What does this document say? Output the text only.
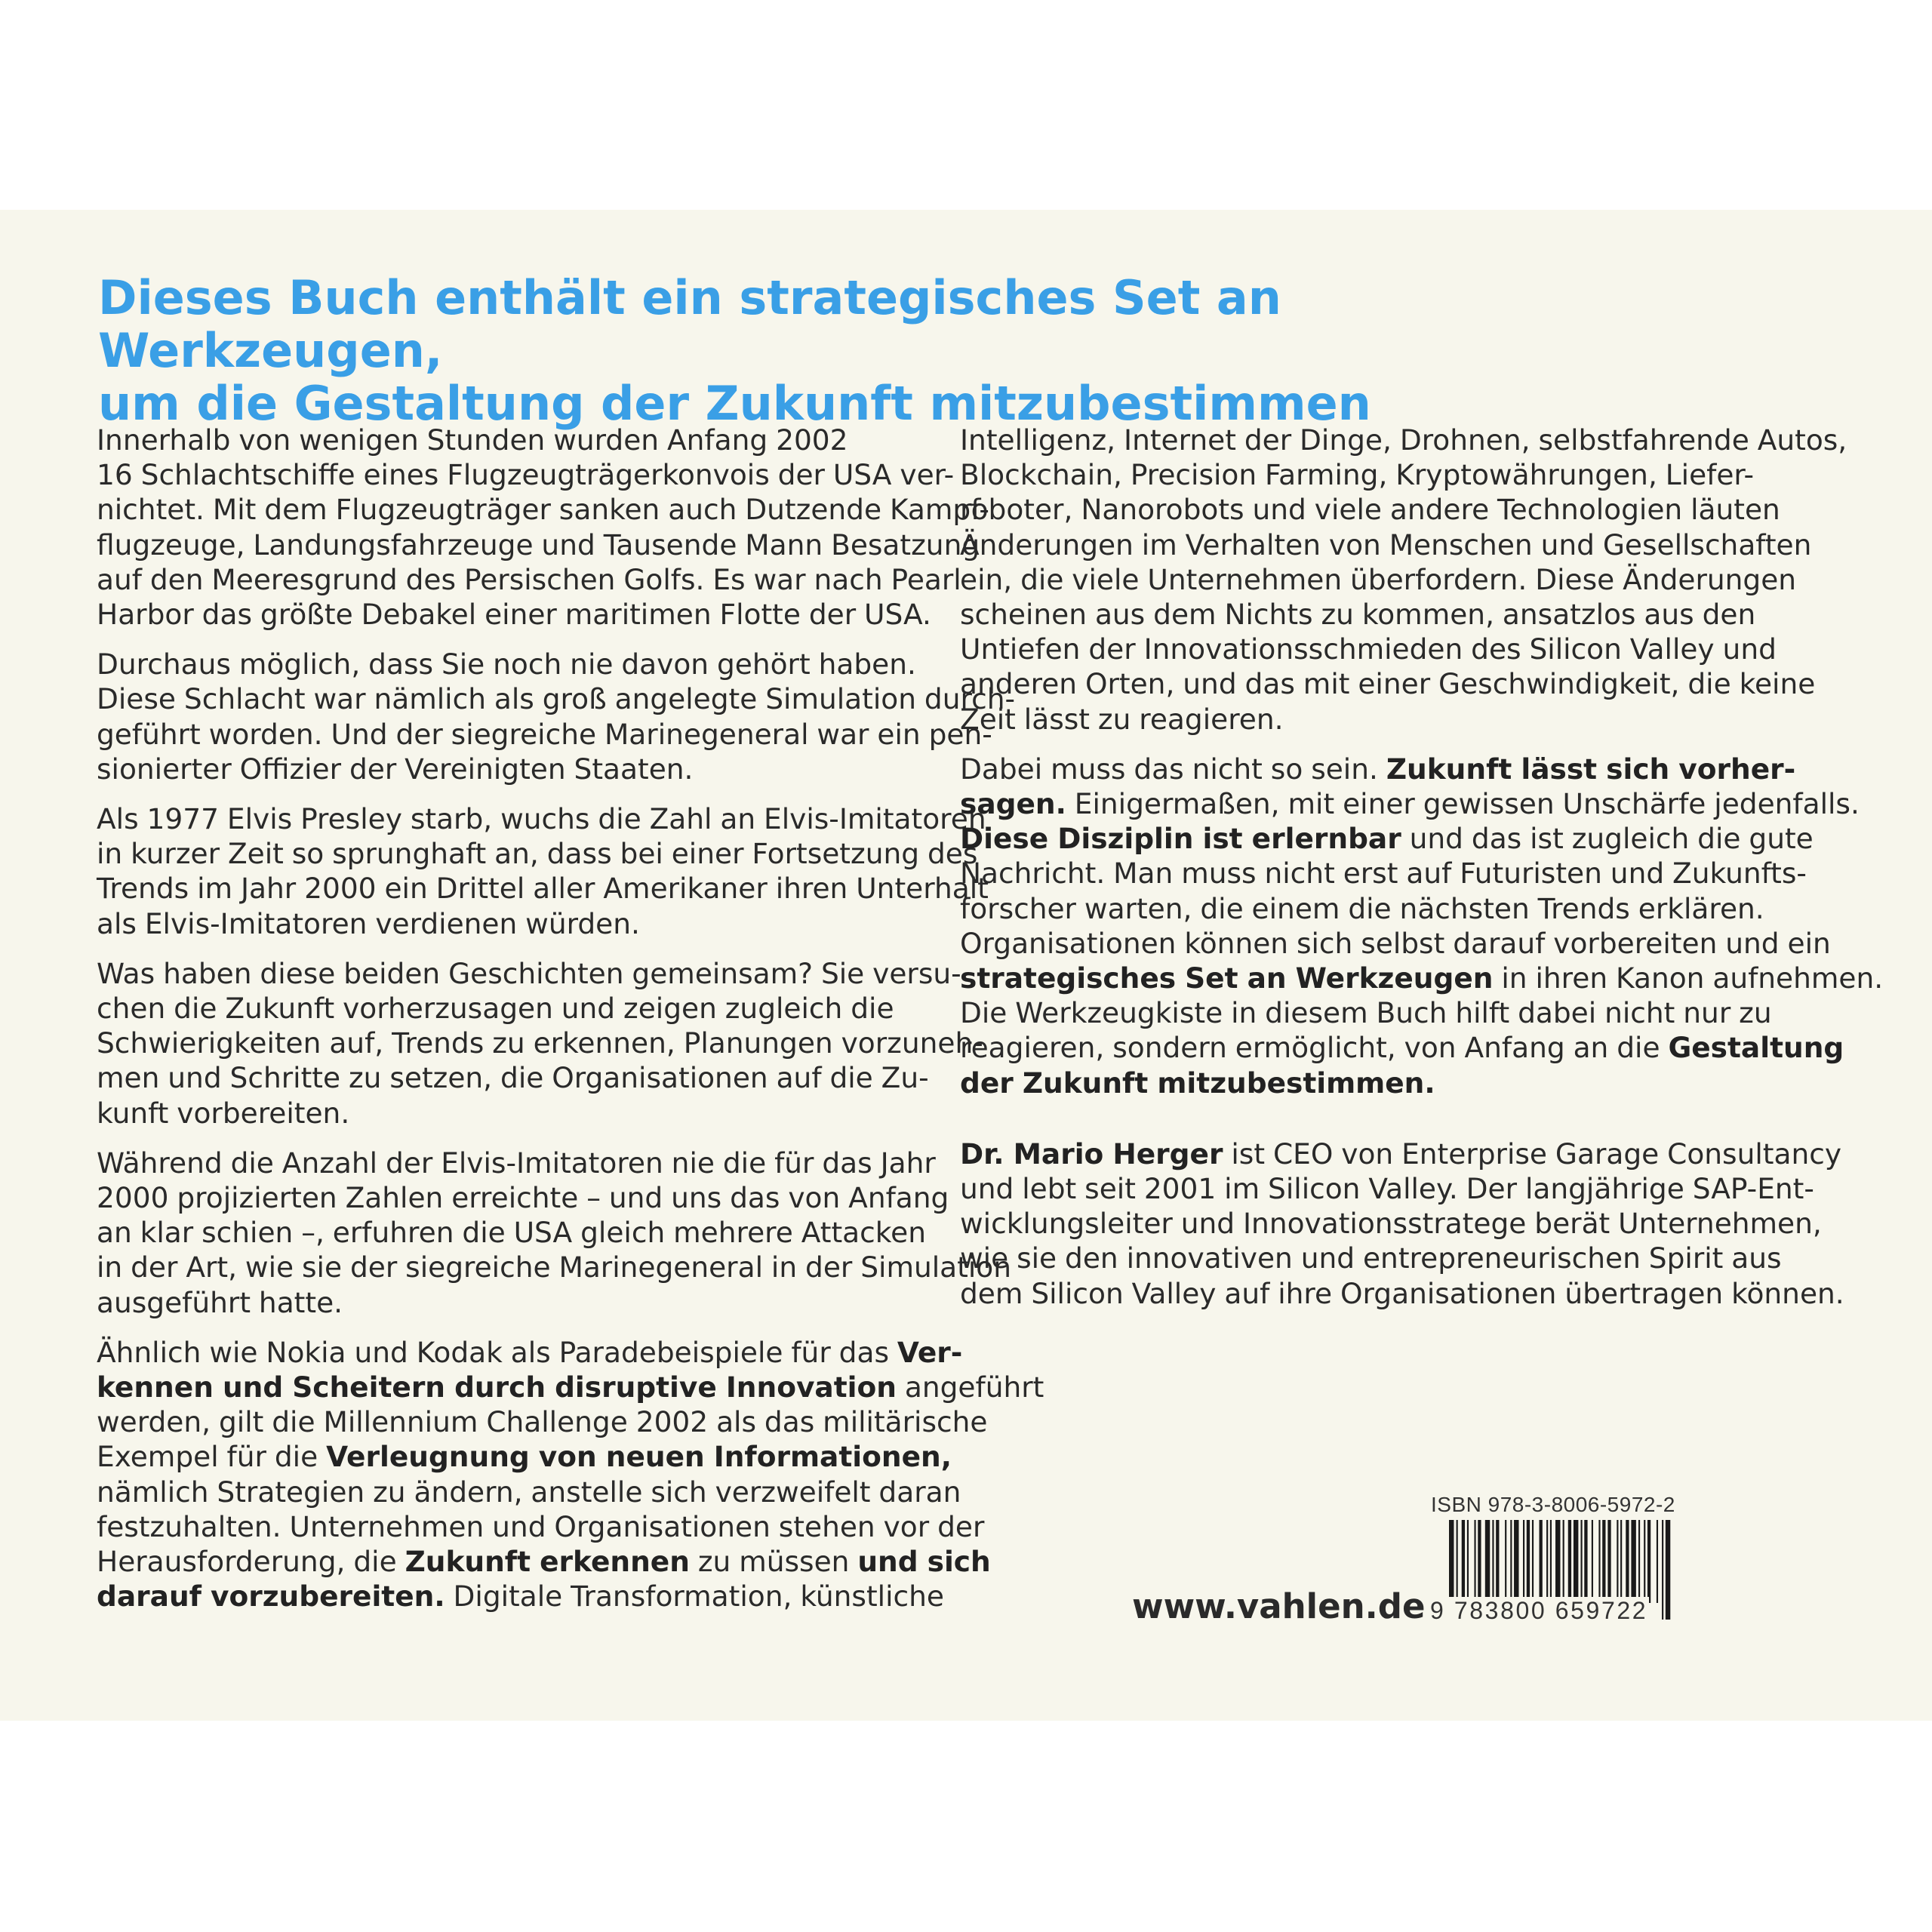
Dieses Buch enthält ein strategisches Set an Werkzeugen,
um die Gestaltung der Zukunft mitzubestimmen

Innerhalb von wenigen Stunden wurden Anfang 2002
16 Schlachtschiffe eines Flugzeugträgerkonvois der USA ver-
nichtet. Mit dem Flugzeugträger sanken auch Dutzende Kampf-
flugzeuge, Landungsfahrzeuge und Tausende Mann Besatzung
auf den Meeresgrund des Persischen Golfs. Es war nach Pearl
Harbor das größte Debakel einer maritimen Flotte der USA.

Durchaus möglich, dass Sie noch nie davon gehört haben.
Diese Schlacht war nämlich als groß angelegte Simulation durch-
geführt worden. Und der siegreiche Marinegeneral war ein pen-
sionierter Offizier der Vereinigten Staaten.

Als 1977 Elvis Presley starb, wuchs die Zahl an Elvis-Imitatoren
in kurzer Zeit so sprunghaft an, dass bei einer Fortsetzung des
Trends im Jahr 2000 ein Drittel aller Amerikaner ihren Unterhalt
als Elvis-Imitatoren verdienen würden.

Was haben diese beiden Geschichten gemeinsam? Sie versu-
chen die Zukunft vorherzusagen und zeigen zugleich die
Schwierigkeiten auf, Trends zu erkennen, Planungen vorzuneh-
men und Schritte zu setzen, die Organisationen auf die Zu-
kunft vorbereiten.

Während die Anzahl der Elvis-Imitatoren nie die für das Jahr
2000 projizierten Zahlen erreichte – und uns das von Anfang
an klar schien –, erfuhren die USA gleich mehrere Attacken
in der Art, wie sie der siegreiche Marinegeneral in der Simulation
ausgeführt hatte.

Ähnlich wie Nokia und Kodak als Paradebeispiele für das Ver-
kennen und Scheitern durch disruptive Innovation angeführt
werden, gilt die Millennium Challenge 2002 als das militärische
Exempel für die Verleugnung von neuen Informationen,
nämlich Strategien zu ändern, anstelle sich verzweifelt daran
festzuhalten. Unternehmen und Organisationen stehen vor der
Herausforderung, die Zukunft erkennen zu müssen und sich
darauf vorzubereiten. Digitale Transformation, künstliche

Intelligenz, Internet der Dinge, Drohnen, selbstfahrende Autos,
Blockchain, Precision Farming, Kryptowährungen, Liefer-
roboter, Nanorobots und viele andere Technologien läuten
Änderungen im Verhalten von Menschen und Gesellschaften
ein, die viele Unternehmen überfordern. Diese Änderungen
scheinen aus dem Nichts zu kommen, ansatzlos aus den
Untiefen der Innovationsschmieden des Silicon Valley und
anderen Orten, und das mit einer Geschwindigkeit, die keine
Zeit lässt zu reagieren.

Dabei muss das nicht so sein. Zukunft lässt sich vorher-
sagen. Einigermaßen, mit einer gewissen Unschärfe jedenfalls.
Diese Disziplin ist erlernbar und das ist zugleich die gute
Nachricht. Man muss nicht erst auf Futuristen und Zukunfts-
forscher warten, die einem die nächsten Trends erklären.
Organisationen können sich selbst darauf vorbereiten und ein
strategisches Set an Werkzeugen in ihren Kanon aufnehmen.
Die Werkzeugkiste in diesem Buch hilft dabei nicht nur zu
reagieren, sondern ermöglicht, von Anfang an die Gestaltung
der Zukunft mitzubestimmen.

Dr. Mario Herger ist CEO von Enterprise Garage Consultancy
und lebt seit 2001 im Silicon Valley. Der langjährige SAP-Ent-
wicklungsleiter und Innovationsstratege berät Unternehmen,
wie sie den innovativen und entrepreneurischen Spirit aus
dem Silicon Valley auf ihre Organisationen übertragen können.

ISBN 978-3-8006-5972-2
9 783800 659722
www.vahlen.de
